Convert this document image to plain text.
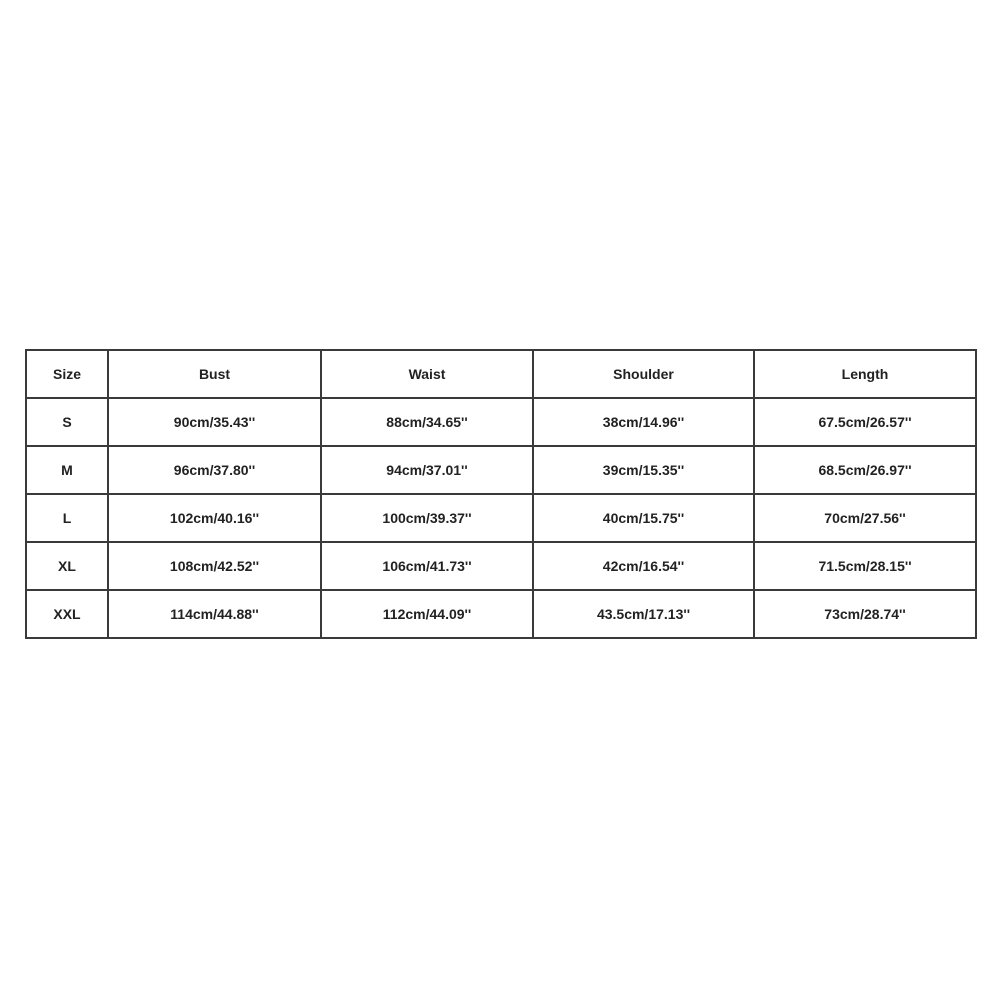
Size	Bust	Waist	Shoulder	Length
S	90cm/35.43''	88cm/34.65''	38cm/14.96''	67.5cm/26.57''
M	96cm/37.80''	94cm/37.01''	39cm/15.35''	68.5cm/26.97''
L	102cm/40.16''	100cm/39.37''	40cm/15.75''	70cm/27.56''
XL	108cm/42.52''	106cm/41.73''	42cm/16.54''	71.5cm/28.15''
XXL	114cm/44.88''	112cm/44.09''	43.5cm/17.13''	73cm/28.74''
